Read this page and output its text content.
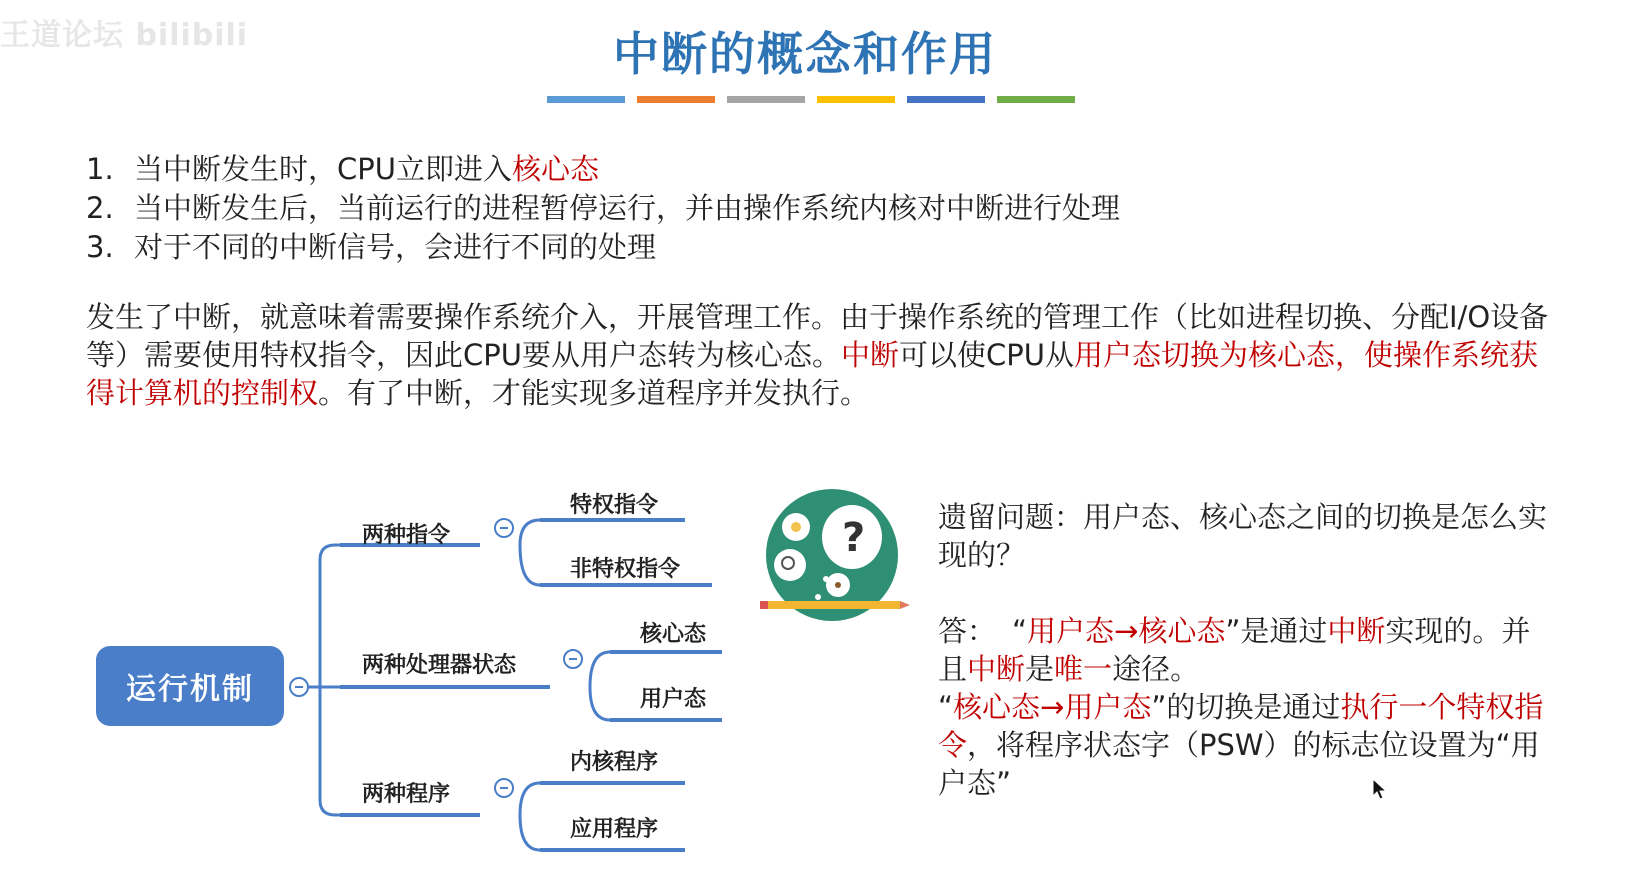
王道论坛 bilibili	中断的概念和作用
1. 当中断发生时，CPU立即进入核心态
2. 当中断发生后，当前运行的进程暂停运行，并由操作系统内核对中断进行处理
3. 对于不同的中断信号，会进行不同的处理
发生了中断，就意味着需要操作系统介入，开展管理工作。由于操作系统的管理工作（比如进程切换、分配I/O设备等）需要使用特权指令，因此CPU要从用户态转为核心态。中断可以使CPU从用户态切换为核心态，使操作系统获得计算机的控制权。有了中断，才能实现多道程序并发执行。
运行机制
两种指令
特权指令
非特权指令
两种处理器状态
核心态
用户态
两种程序
内核程序
应用程序
?	遗留问题：用户态、核心态之间的切换是怎么实现的？
答： “用户态→核心态”是通过中断实现的。并且中断是唯一途径。
“核心态→用户态”的切换是通过执行一个特权指令，将程序状态字（PSW）的标志位设置为“用户态”
